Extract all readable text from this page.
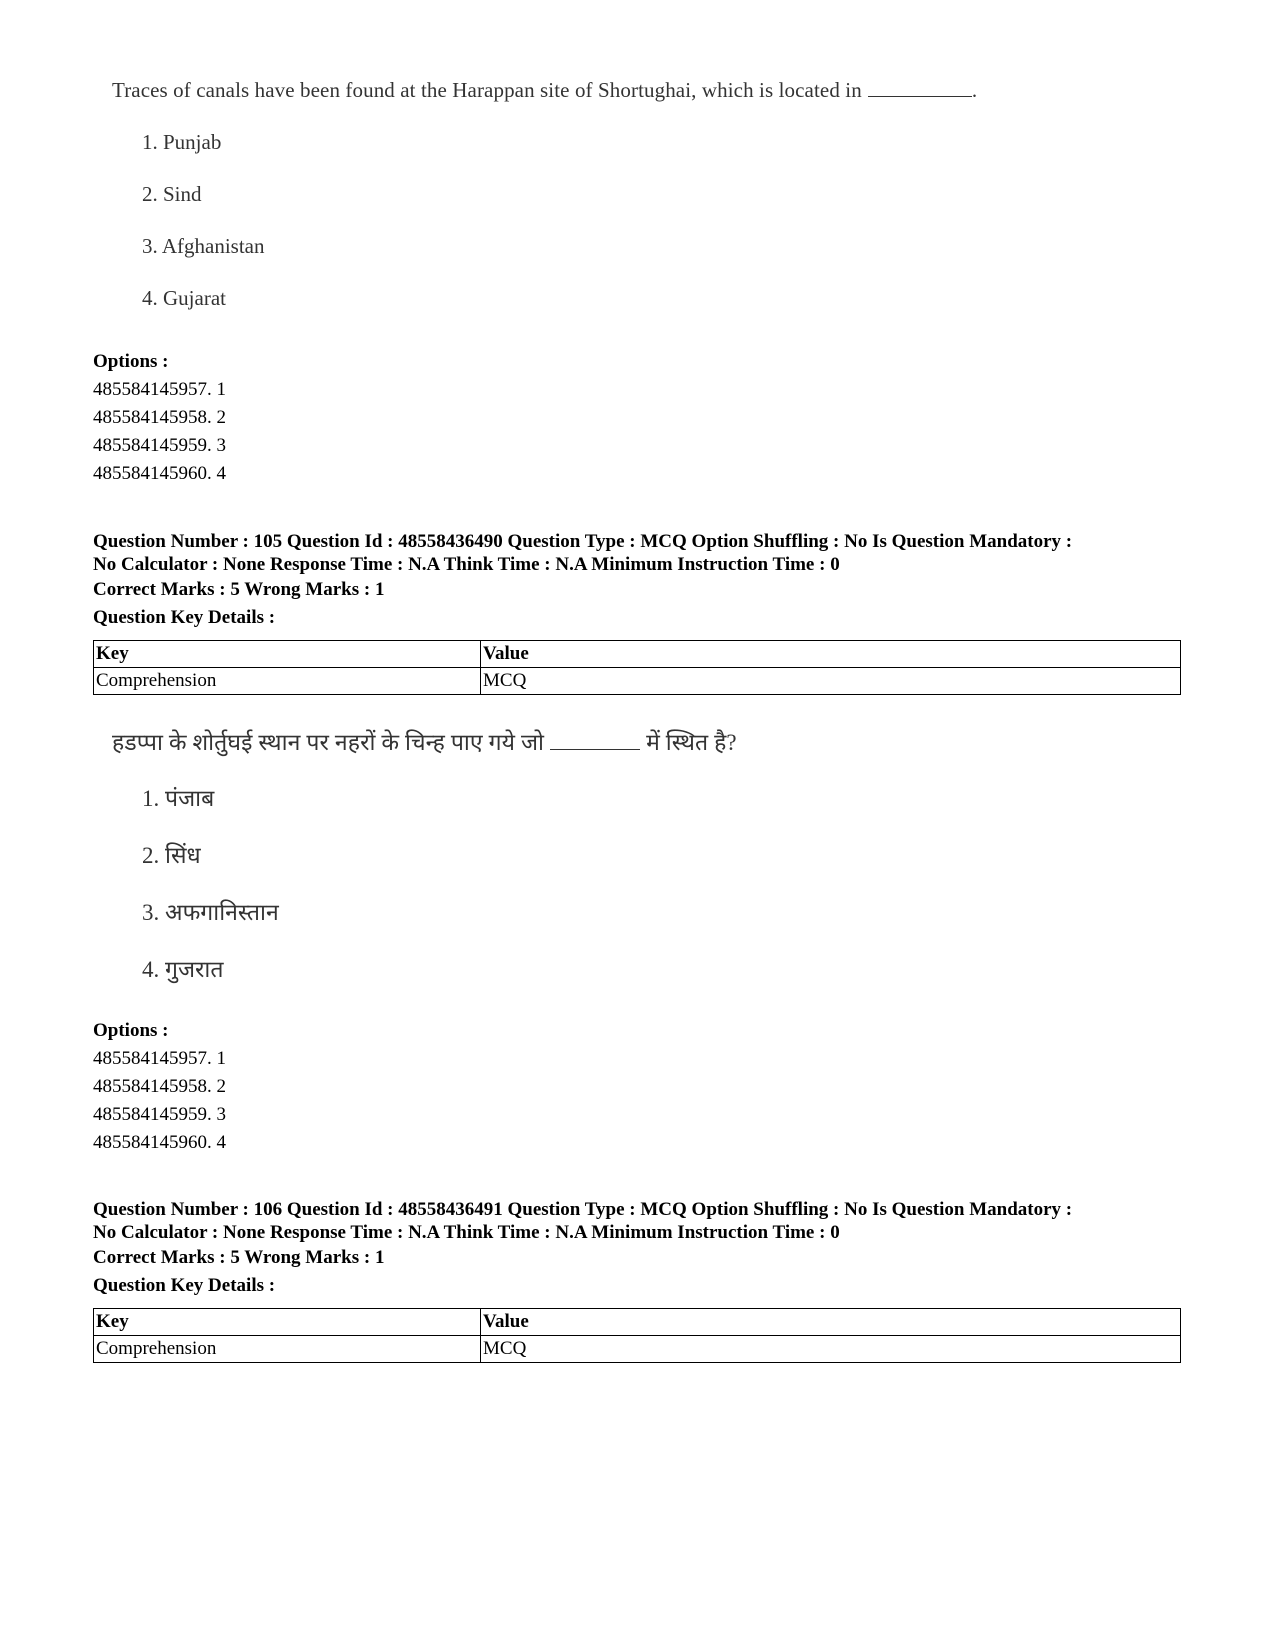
Traces of canals have been found at the Harappan site of Shortughai, which is located in	.
1. Punjab
2. Sind
3. Afghanistan
4. Gujarat
Options :
485584145957. 1
485584145958. 2
485584145959. 3
485584145960. 4
Question Number : 105 Question Id : 48558436490 Question Type : MCQ Option Shuffling : No Is Question Mandatory :
No Calculator : None Response Time : N.A Think Time : N.A Minimum Instruction Time : 0
Correct Marks : 5 Wrong Marks : 1
Question Key Details :
Key	Value
Comprehension	MCQ
हडप्पा के शोर्तुघई स्थान पर नहरों के चिन्ह पाए गये जो	में स्थित है?
1. पंजाब
2. सिंध
3. अफगानिस्तान
4. गुजरात
Options :
485584145957. 1
485584145958. 2
485584145959. 3
485584145960. 4
Question Number : 106 Question Id : 48558436491 Question Type : MCQ Option Shuffling : No Is Question Mandatory :
No Calculator : None Response Time : N.A Think Time : N.A Minimum Instruction Time : 0
Correct Marks : 5 Wrong Marks : 1
Question Key Details :
Key	Value
Comprehension	MCQ
